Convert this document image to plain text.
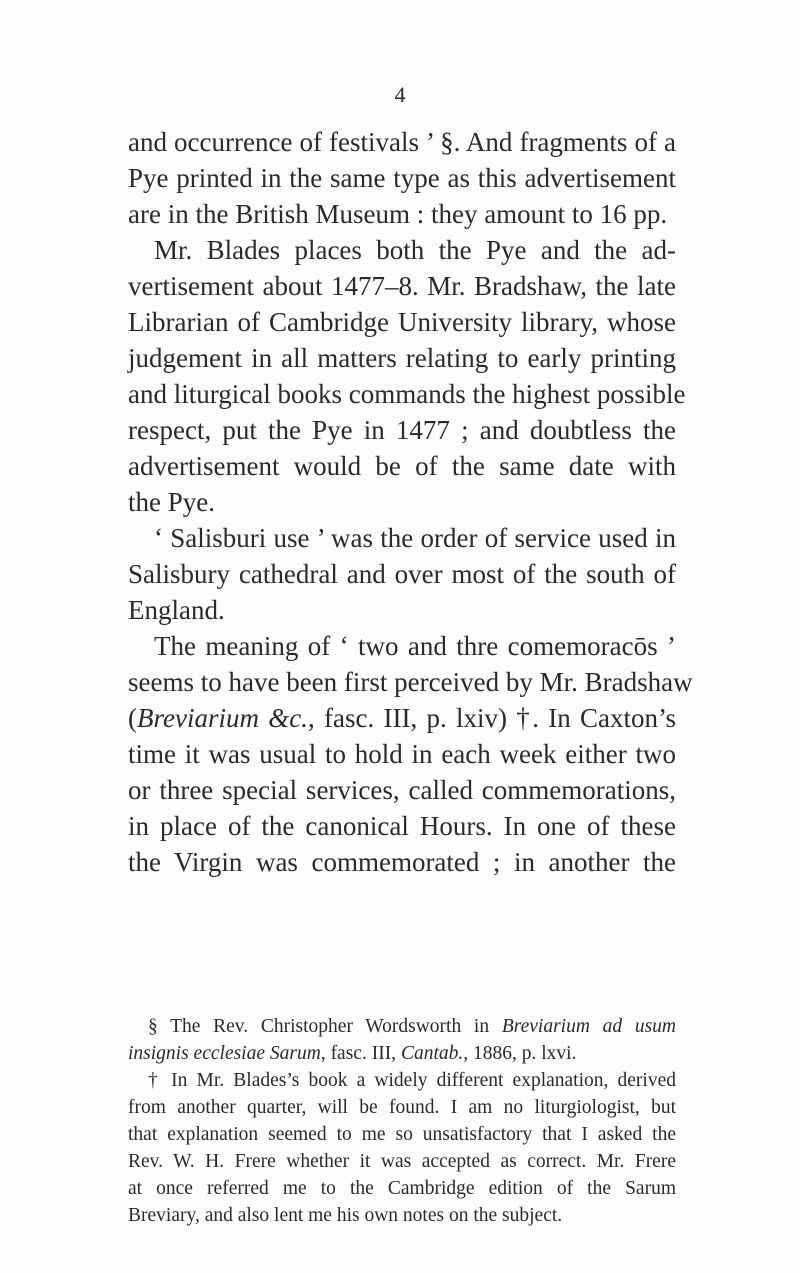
4
and occurrence of festivals ’ §. And fragments of a
Pye printed in the same type as this advertisement
are in the British Museum : they amount to 16 pp.
Mr. Blades places both the Pye and the ad-
vertisement about 1477–8. Mr. Bradshaw, the late
Librarian of Cambridge University library, whose
judgement in all matters relating to early printing
and liturgical books commands the highest possible
respect, put the Pye in 1477 ; and doubtless the
advertisement would be of the same date with
the Pye.
‘ Salisburi use ’ was the order of service used in
Salisbury cathedral and over most of the south of
England.
The meaning of ‘ two and thre comemoracōs ’
seems to have been first perceived by Mr. Bradshaw
(Breviarium &c., fasc. III, p. lxiv) †. In Caxton’s
time it was usual to hold in each week either two
or three special services, called commemorations,
in place of the canonical Hours. In one of these
the Virgin was commemorated ; in another the
§ The Rev. Christopher Wordsworth in Breviarium ad usum
insignis ecclesiae Sarum, fasc. III, Cantab., 1886, p. lxvi.
† In Mr. Blades’s book a widely different explanation, derived
from another quarter, will be found. I am no liturgiologist, but
that explanation seemed to me so unsatisfactory that I asked the
Rev. W. H. Frere whether it was accepted as correct. Mr. Frere
at once referred me to the Cambridge edition of the Sarum
Breviary, and also lent me his own notes on the subject.
